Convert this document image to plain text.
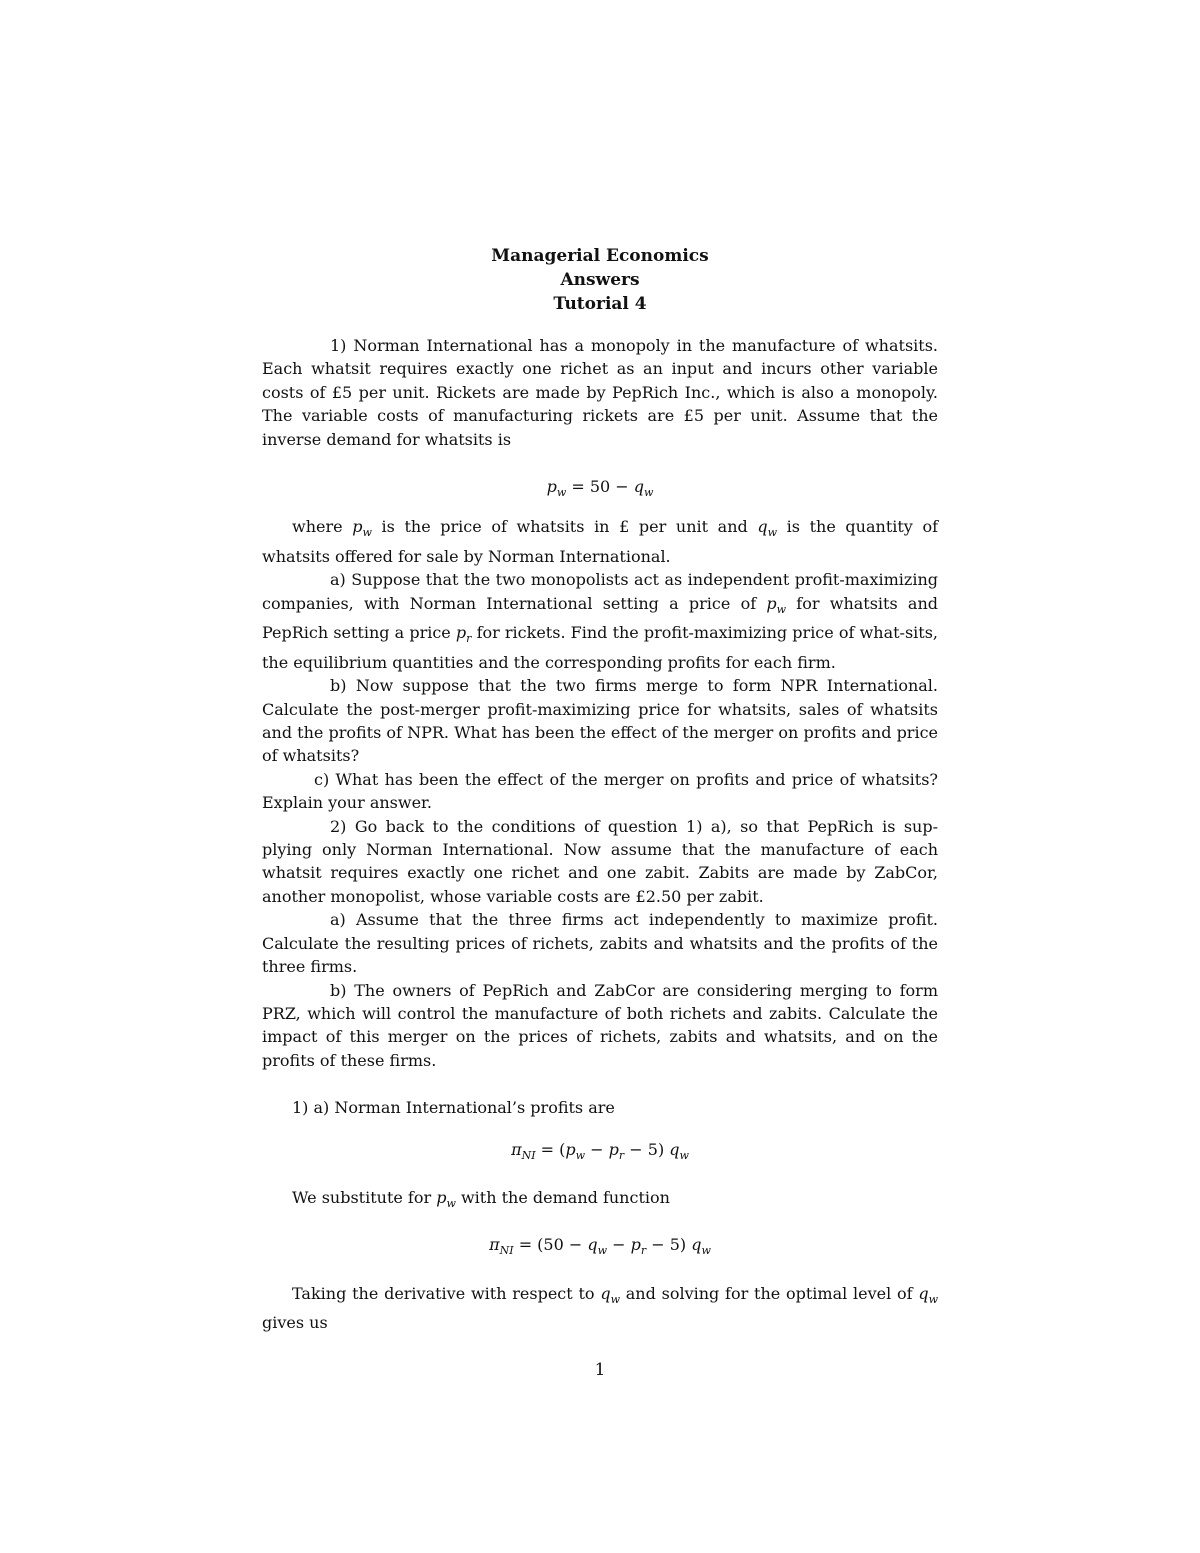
Managerial Economics
Answers
Tutorial 4

1) Norman International has a monopoly in the manufacture of whatsits. Each whatsit requires exactly one richet as an input and incurs other variable costs of £5 per unit. Rickets are made by PepRich Inc., which is also a monopoly. The variable costs of manufacturing rickets are £5 per unit. Assume that the inverse demand for whatsits is

$p_w = 50 - q_w$

where $p_w$ is the price of whatsits in £ per unit and $q_w$ is the quantity of whatsits offered for sale by Norman International.

a) Suppose that the two monopolists act as independent profit-maximizing companies, with Norman International setting a price of $p_w$ for whatsits and PepRich setting a price $p_r$ for rickets. Find the profit-maximizing price of what-sits, the equilibrium quantities and the corresponding profits for each firm.

b) Now suppose that the two firms merge to form NPR International. Calculate the post-merger profit-maximizing price for whatsits, sales of whatsits and the profits of NPR. What has been the effect of the merger on profits and price of whatsits?

c) What has been the effect of the merger on profits and price of whatsits? Explain your answer.

2) Go back to the conditions of question 1) a), so that PepRich is sup-plying only Norman International. Now assume that the manufacture of each whatsit requires exactly one richet and one zabit. Zabits are made by ZabCor, another monopolist, whose variable costs are £2.50 per zabit.

a) Assume that the three firms act independently to maximize profit. Calculate the resulting prices of richets, zabits and whatsits and the profits of the three firms.

b) The owners of PepRich and ZabCor are considering merging to form PRZ, which will control the manufacture of both richets and zabits. Calculate the impact of this merger on the prices of richets, zabits and whatsits, and on the profits of these firms.

1) a) Norman International’s profits are

$\pi_{NI} = (p_w - p_r - 5)$ $q_w$

We substitute for $p_w$ with the demand function

$\pi_{NI} = (50 - q_w - p_r - 5)$ $q_w$

Taking the derivative with respect to $q_w$ and solving for the optimal level of $q_w$ gives us

1
